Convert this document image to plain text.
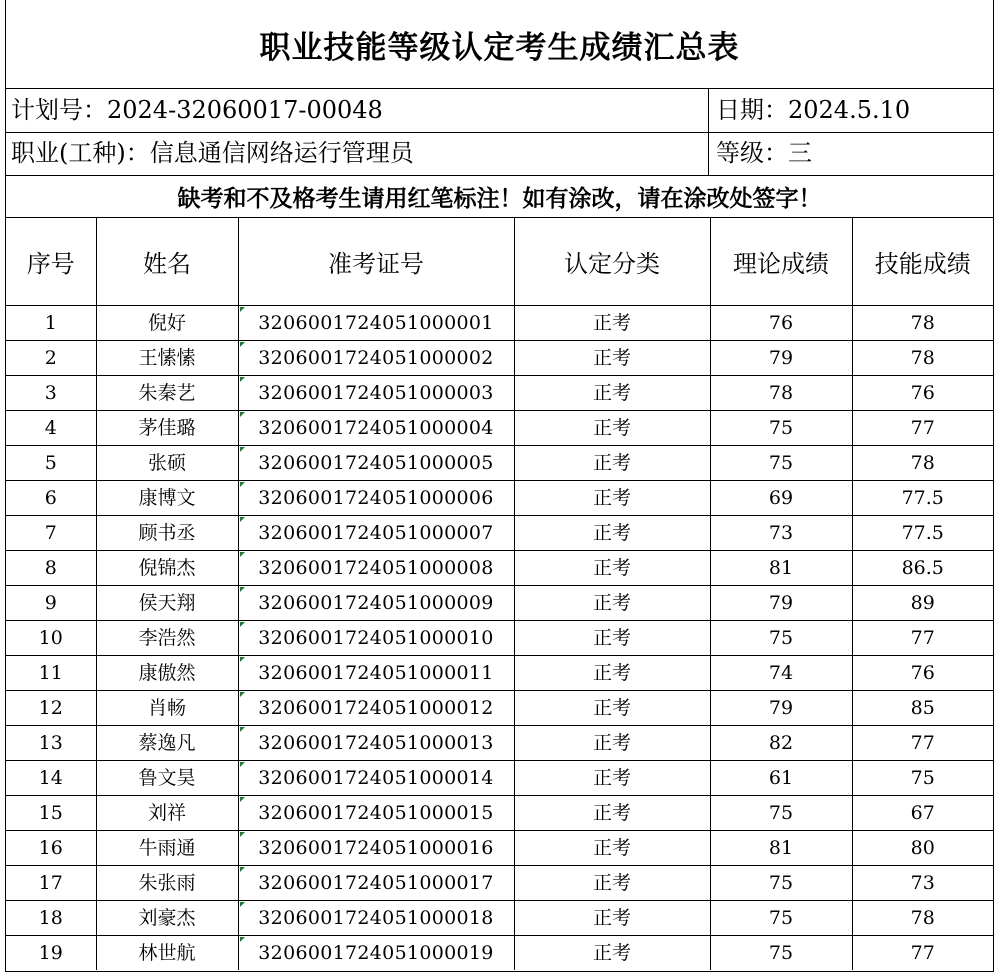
职业技能等级认定考生成绩汇总表
计划号：2024-32060017-00048	日期：2024.5.10
职业(工种)：信息通信网络运行管理员	等级：三
缺考和不及格考生请用红笔标注！如有涂改，请在涂改处签字！
序号	姓名	准考证号	认定分类	理论成绩	技能成绩
1	倪好	3206001724051000001	正考	76	78
2	王愫愫	3206001724051000002	正考	79	78
3	朱秦艺	3206001724051000003	正考	78	76
4	茅佳璐	3206001724051000004	正考	75	77
5	张硕	3206001724051000005	正考	75	78
6	康博文	3206001724051000006	正考	69	77.5
7	顾书丞	3206001724051000007	正考	73	77.5
8	倪锦杰	3206001724051000008	正考	81	86.5
9	侯天翔	3206001724051000009	正考	79	89
10	李浩然	3206001724051000010	正考	75	77
11	康傲然	3206001724051000011	正考	74	76
12	肖畅	3206001724051000012	正考	79	85
13	蔡逸凡	3206001724051000013	正考	82	77
14	鲁文昊	3206001724051000014	正考	61	75
15	刘祥	3206001724051000015	正考	75	67
16	牛雨通	3206001724051000016	正考	81	80
17	朱张雨	3206001724051000017	正考	75	73
18	刘豪杰	3206001724051000018	正考	75	78
19	林世航	3206001724051000019	正考	75	77
